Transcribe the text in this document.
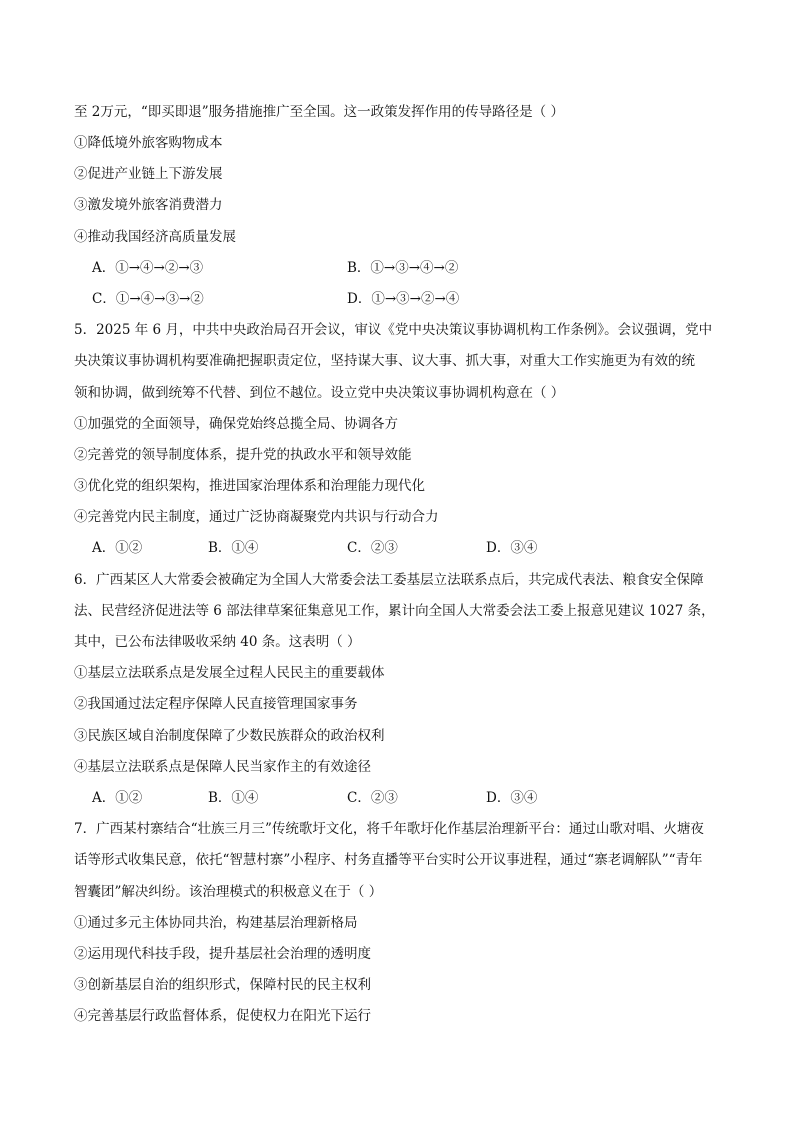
至 2万元，“即买即退”服务措施推广至全国。这一政策发挥作用的传导路径是（ ）
①降低境外旅客购物成本
②促进产业链上下游发展
③激发境外旅客消费潜力
④推动我国经济高质量发展
A．①→④→②→③	B．①→③→④→②
C．①→④→③→②	D．①→③→②→④
5．2025 年 6 月，中共中央政治局召开会议，审议《党中央决策议事协调机构工作条例》。会议强调，党中
央决策议事协调机构要准确把握职责定位，坚持谋大事、议大事、抓大事，对重大工作实施更为有效的统
领和协调，做到统筹不代替、到位不越位。设立党中央决策议事协调机构意在（ ）
①加强党的全面领导，确保党始终总揽全局、协调各方
②完善党的领导制度体系，提升党的执政水平和领导效能
③优化党的组织架构，推进国家治理体系和治理能力现代化
④完善党内民主制度，通过广泛协商凝聚党内共识与行动合力
A．①②	B．①④	C．②③	D．③④
6．广西某区人大常委会被确定为全国人大常委会法工委基层立法联系点后，共完成代表法、粮食安全保障
法、民营经济促进法等 6 部法律草案征集意见工作，累计向全国人大常委会法工委上报意见建议 1027 条，
其中，已公布法律吸收采纳 40 条。这表明（ ）
①基层立法联系点是发展全过程人民民主的重要载体
②我国通过法定程序保障人民直接管理国家事务
③民族区域自治制度保障了少数民族群众的政治权利
④基层立法联系点是保障人民当家作主的有效途径
A．①②	B．①④	C．②③	D．③④
7．广西某村寨结合“壮族三月三”传统歌圩文化，将千年歌圩化作基层治理新平台：通过山歌对唱、火塘夜
话等形式收集民意，依托“智慧村寨”小程序、村务直播等平台实时公开议事进程，通过“寨老调解队”“青年
智囊团”解决纠纷。该治理模式的积极意义在于（ ）
①通过多元主体协同共治，构建基层治理新格局
②运用现代科技手段，提升基层社会治理的透明度
③创新基层自治的组织形式，保障村民的民主权利
④完善基层行政监督体系，促使权力在阳光下运行
